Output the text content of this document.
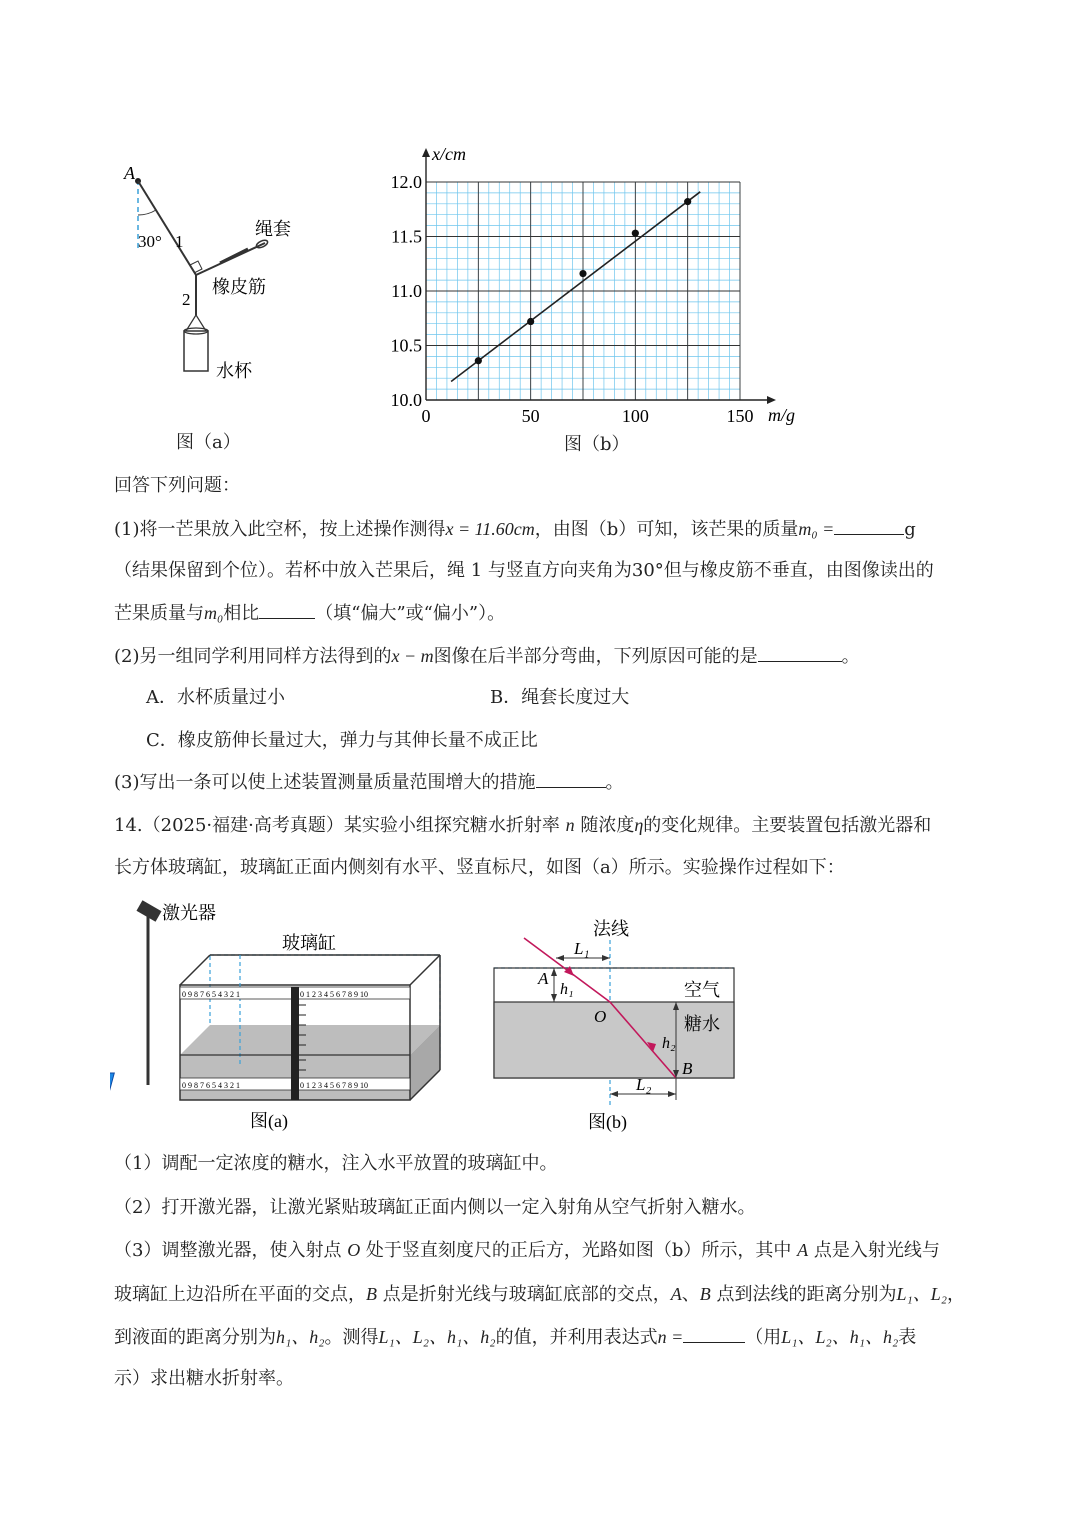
A
30° 1
2
绳套
橡皮筋
水杯
图（a）
0	50	100	150
10.0
10.5
11.0
11.5
12.0
x/cm
m/g
图（b）
回答下列问题：
(1)将一芒果放入此空杯，按上述操作测得x = 11.60cm，由图（b）可知，该芒果的质量m₀ =	g
（结果保留到个位）。若杯中放入芒果后，绳 1 与竖直方向夹角为30°但与橡皮筋不垂直，由图像读出的
芒果质量与m₀相比	（填“偏大”或“偏小”）。
(2)另一组同学利用同样方法得到的x − m图像在后半部分弯曲，下列原因可能的是	。
A．水杯质量过小	B．绳套长度过大
C．橡皮筋伸长量过大，弹力与其伸长量不成正比
(3)写出一条可以使上述装置测量质量范围增大的措施	。
14.（2025·福建·高考真题）某实验小组探究糖水折射率 n 随浓度η的变化规律。主要装置包括激光器和
长方体玻璃缸，玻璃缸正面内侧刻有水平、竖直标尺，如图（a）所示。实验操作过程如下：
激光器
玻璃缸
0 9 8 7 6 5 4 3 2 1	0 1 2 3 4 5 6 7 8 9 10
0 9 8 7 6 5 4 3 2 1	0 1 2 3 4 5 6 7 8 9 10
图(a)
法线
L₁
A
h₁	空气
O	糖水
h₂
B
L₂
图(b)
（1）调配一定浓度的糖水，注入水平放置的玻璃缸中。
（2）打开激光器，让激光紧贴玻璃缸正面内侧以一定入射角从空气折射入糖水。
（3）调整激光器，使入射点 O 处于竖直刻度尺的正后方，光路如图（b）所示，其中 A 点是入射光线与
玻璃缸上边沿所在平面的交点，B 点是折射光线与玻璃缸底部的交点，A、B 点到法线的距离分别为L₁、L₂，
到液面的距离分别为h₁、h₂。测得L₁、L₂、h₁、h₂的值，并利用表达式n =	（用L₁、L₂、h₁、h₂表
示）求出糖水折射率。
